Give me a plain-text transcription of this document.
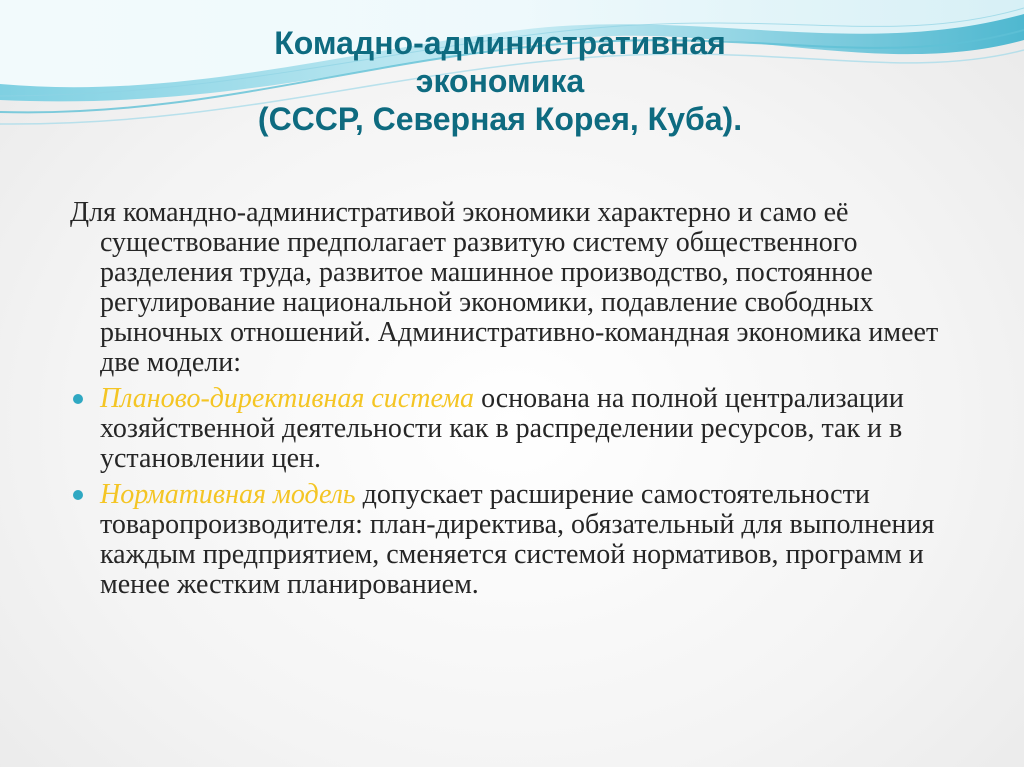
Комадно-административная
экономика
(СССР, Северная Корея, Куба).

Для командно-административой экономики характерно и само её существование предполагает развитую систему общественного разделения труда, развитое машинное производство, постоянное регулирование национальной экономики, подавление свободных рыночных отношений. Административно-командная экономика имеет две модели:

Планово-директивная система основана на полной централизации хозяйственной деятельности как в распределении ресурсов, так и в установлении цен.

Нормативная модель допускает расширение самостоятельности товаропроизводителя: план-директива, обязательный для выполнения каждым предприятием, сменяется системой нормативов, программ и менее жестким планированием.
